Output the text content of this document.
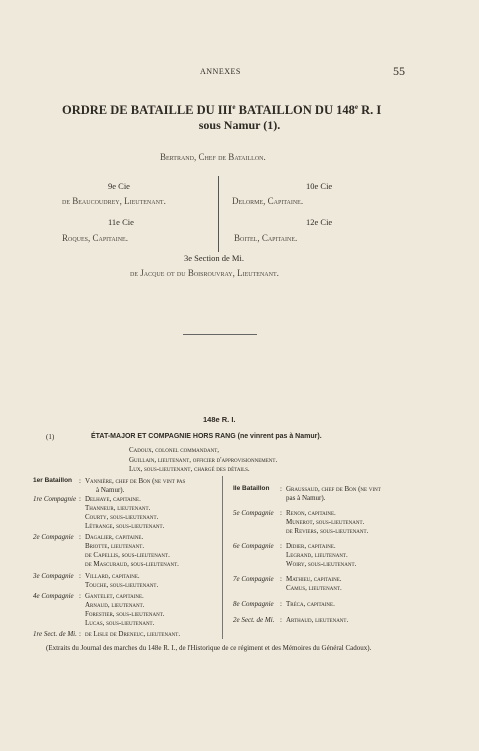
ANNEXES	55
ORDRE DE BATAILLE DU IIIe BATAILLON DU 148e R. I
sous Namur (1).
Bertrand, Chef de Bataillon.
9e Cie
de Beaucoudrey, Lieutenant.
10e Cie
Delorme, Capitaine.
11e Cie
Roques, Capitaine.
12e Cie
Boitel, Capitaine.
3e Section de Mi.
de Jacque ot du Boisrouvray, Lieutenant.
148e R. I.
(1)	ÉTAT-MAJOR ET COMPAGNIE HORS RANG (ne vinrent pas à Namur).
Cadoux, colonel commandant,
Guillain, lieutenant, officier d'approvisionnement.
Lux, sous-lieutenant, chargé des détails.
1er Bataillon : Vannière, chef de Bon (ne vint pas
à Namur).
1re Compagnie : Delhaye, capitaine.
Thanneur, lieutenant.
Courty, sous-lieutenant.
Létrange, sous-lieutenant.
2e Compagnie : Dagalier, capitaine.
Briotte, lieutenant.
de Capellis, sous-lieutenant.
de Mascuraud, sous-lieutenant.
3e Compagnie : Villard, capitaine.
Touche, sous-lieutenant.
4e Compagnie : Gantelet, capitaine.
Arnaud, lieutenant.
Forestier, sous-lieutenant.
Lucas, sous-lieutenant.
1re Sect. de Mi. : de Lisle de Dreneuc, lieutenant.
IIe Bataillon : Graussaud, chef de Bon (ne vint
pas à Namur).
5e Compagnie : Renon, capitaine.
Munerot, sous-lieutenant.
de Reviers, sous-lieutenant.
6e Compagnie : Didier, capitaine.
Legrand, lieutenant.
Woiry, sous-lieutenant.
7e Compagnie : Mathieu, capitaine.
Camus, lieutenant.
8e Compagnie : Tréca, capitaine.
2e Sect. de Mi. : Arthaud, lieutenant.
(Extraits du Journal des marches du 148e R. I., de l'Historique de ce régiment et des Mémoires du Général Cadoux).
